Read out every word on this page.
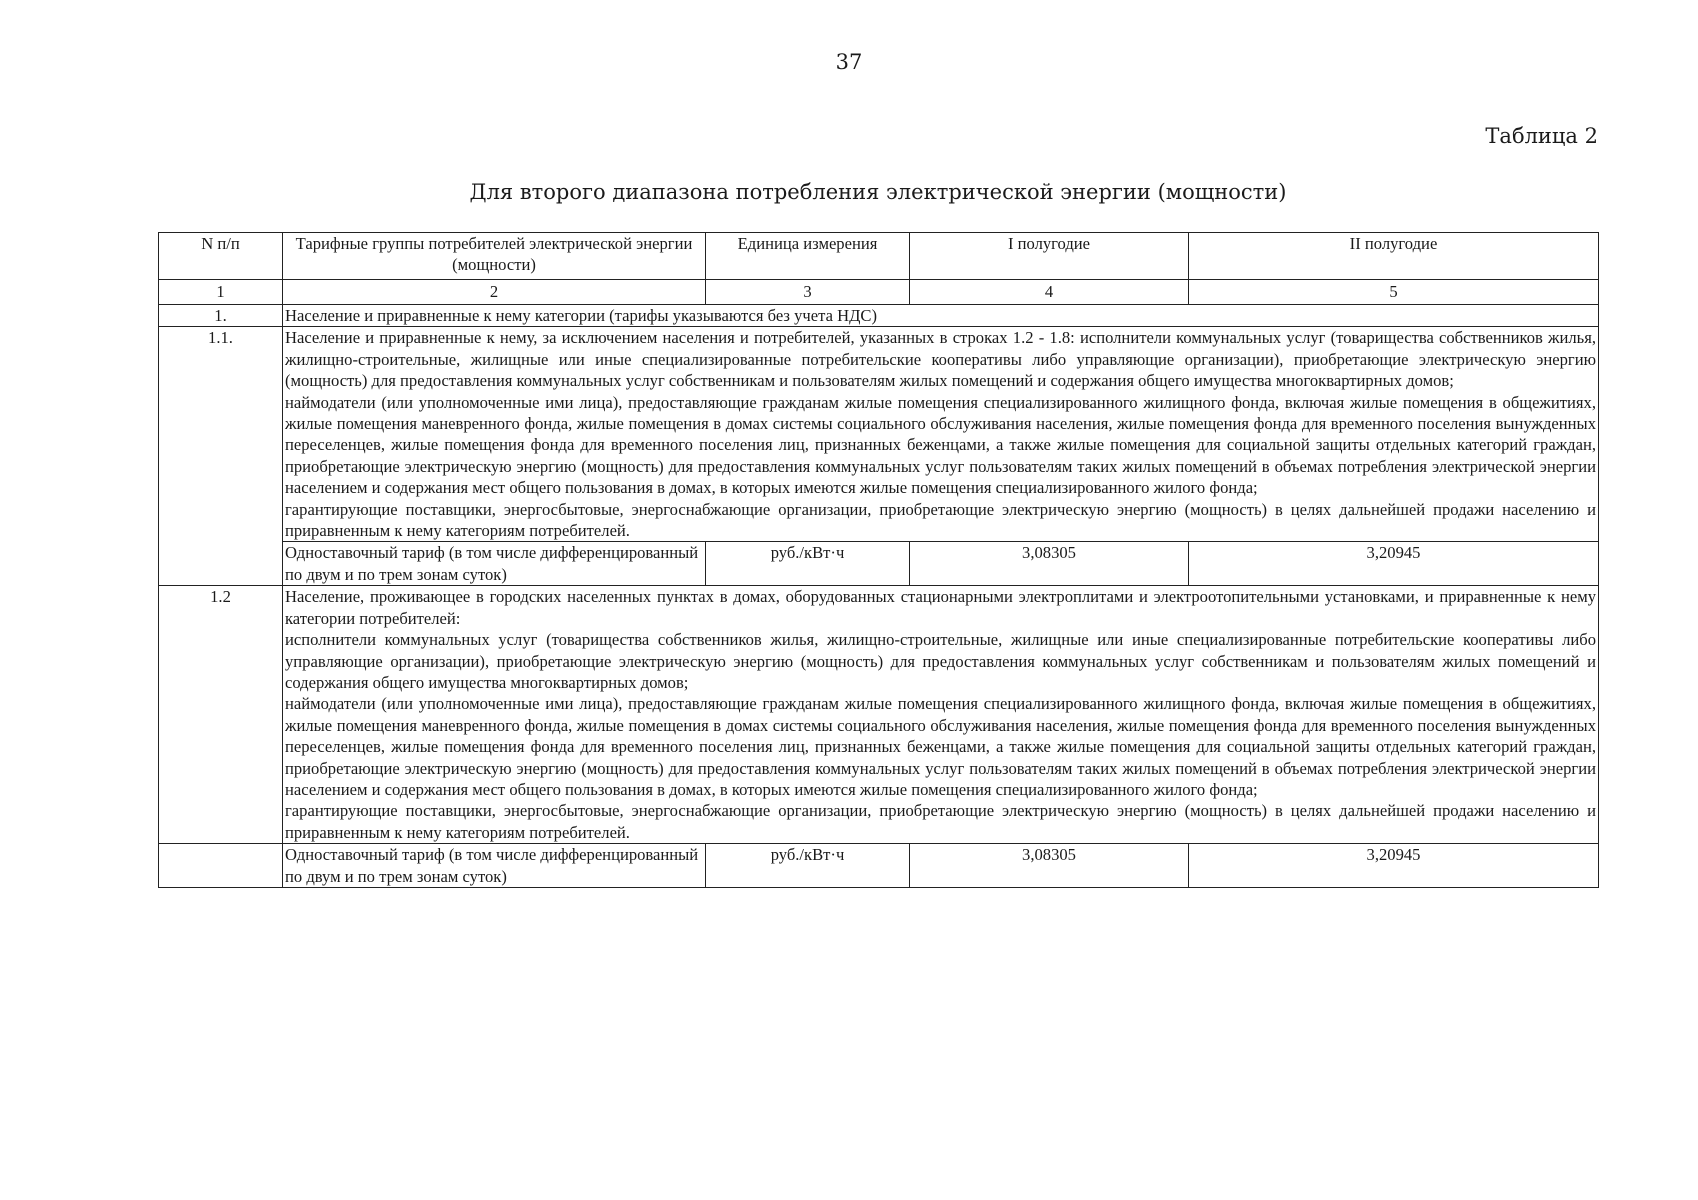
37
Таблица 2
Для второго диапазона потребления электрической энергии (мощности)
N п/п	Тарифные группы потребителей электрической энергии (мощности)	Единица измерения	I полугодие	II полугодие
1	2	3	4	5
1.	Население и приравненные к нему категории (тарифы указываются без учета НДС)			
1.1.	Население и приравненные к нему, за исключением населения и потребителей, указанных в строках 1.2 - 1.8: исполнители коммунальных услуг (товарищества собственников жилья, жилищно-строительные, жилищные или иные специализированные потребительские кооперативы либо управляющие организации), приобретающие электрическую энергию (мощность) для предоставления коммунальных услуг собственникам и пользователям жилых помещений и содержания общего имущества многоквартирных домов;
наймодатели (или уполномоченные ими лица), предоставляющие гражданам жилые помещения специализированного жилищного фонда, включая жилые помещения в общежитиях, жилые помещения маневренного фонда, жилые помещения в домах системы социального обслуживания населения, жилые помещения фонда для временного поселения вынужденных переселенцев, жилые помещения фонда для временного поселения лиц, признанных беженцами, а также жилые помещения для социальной защиты отдельных категорий граждан, приобретающие электрическую энергию (мощность) для предоставления коммунальных услуг пользователям таких жилых помещений в объемах потребления электрической энергии населением и содержания мест общего пользования в домах, в которых имеются жилые помещения специализированного жилого фонда;
гарантирующие поставщики, энергосбытовые, энергоснабжающие организации, приобретающие электрическую энергию (мощность) в целях дальнейшей продажи населению и приравненным к нему категориям потребителей.			

	Одноставочный тариф (в том числе дифференцированный по двум и по трем зонам суток)	руб./кВт·ч	3,08305	3,20945
1.2	Население, проживающее в городских населенных пунктах в домах, оборудованных стационарными электроплитами и электроотопительными установками, и приравненные к нему категории потребителей:
исполнители коммунальных услуг (товарищества собственников жилья, жилищно-строительные, жилищные или иные специализированные потребительские кооперативы либо управляющие организации), приобретающие электрическую энергию (мощность) для предоставления коммунальных услуг собственникам и пользователям жилых помещений и содержания общего имущества многоквартирных домов;
наймодатели (или уполномоченные ими лица), предоставляющие гражданам жилые помещения специализированного жилищного фонда, включая жилые помещения в общежитиях, жилые помещения маневренного фонда, жилые помещения в домах системы социального обслуживания населения, жилые помещения фонда для временного поселения вынужденных переселенцев, жилые помещения фонда для временного поселения лиц, признанных беженцами, а также жилые помещения для социальной защиты отдельных категорий граждан, приобретающие электрическую энергию (мощность) для предоставления коммунальных услуг пользователям таких жилых помещений в объемах потребления электрической энергии населением и содержания мест общего пользования в домах, в которых имеются жилые помещения специализированного жилого фонда;
гарантирующие поставщики, энергосбытовые, энергоснабжающие организации, приобретающие электрическую энергию (мощность) в целях дальнейшей продажи населению и приравненным к нему категориям потребителей.			

	Одноставочный тариф (в том числе дифференцированный по двум и по трем зонам суток)	руб./кВт·ч	3,08305	3,20945
